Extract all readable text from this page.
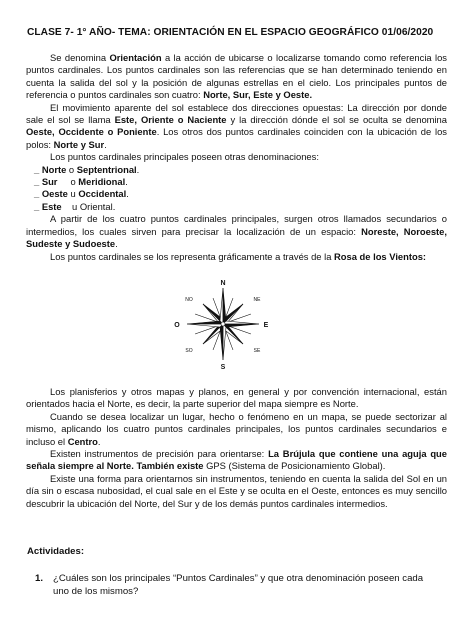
CLASE 7- 1° AÑO- TEMA: ORIENTACIÓN EN EL ESPACIO GEOGRÁFICO 01/06/2020

Se denomina Orientación a la acción de ubicarse o localizarse tomando como referencia los puntos cardinales. Los puntos cardinales son las referencias que se han determinado teniendo en cuenta la salida del sol y la posición de algunas estrellas en el cielo. Los principales puntos de referencia o puntos cardinales son cuatro: Norte, Sur, Este y Oeste.

El movimiento aparente del sol establece dos direcciones opuestas: La dirección por donde sale el sol se llama Este, Oriente o Naciente y la dirección dónde el sol se oculta se denomina Oeste, Occidente o Poniente. Los otros dos puntos cardinales coinciden con la ubicación de los polos: Norte y Sur.

Los puntos cardinales principales poseen otras denominaciones:

_ Norte o Septentrional.
_ Sur     o Meridional.
_ Oeste u Occidental.
_ Este    u Oriental.

A partir de los cuatro puntos cardinales principales, surgen otros llamados secundarios o intermedios, los cuales sirven para precisar la localización de un espacio: Noreste, Noroeste, Sudeste y Sudoeste.

Los puntos cardinales se los representa gráficamente a través de la Rosa de los Vientos:

N
S
E
O
NO	NE
SO	SE

Los planisferios y otros mapas y planos, en general y por convención internacional, están orientados hacia el Norte, es decir, la parte superior del mapa siempre es Norte.

Cuando se desea localizar un lugar, hecho o fenómeno en un mapa, se puede sectorizar al mismo, aplicando los cuatro puntos cardinales principales, los puntos cardinales secundarios e incluso el Centro.

Existen instrumentos de precisión para orientarse: La Brújula que contiene una aguja que señala siempre al Norte. También existe GPS (Sistema de Posicionamiento Global).

Existe una forma para orientarnos sin instrumentos, teniendo en cuenta la salida del Sol en un día sin o escasa nubosidad, el cual sale en el Este y se oculta en el Oeste, entonces es muy sencillo descubrir la ubicación del Norte, del Sur y de los demás puntos cardinales intermedios.

Actividades:
1. ¿Cuáles son los principales “Puntos Cardinales” y que otra denominación poseen cada
uno de los mismos?
